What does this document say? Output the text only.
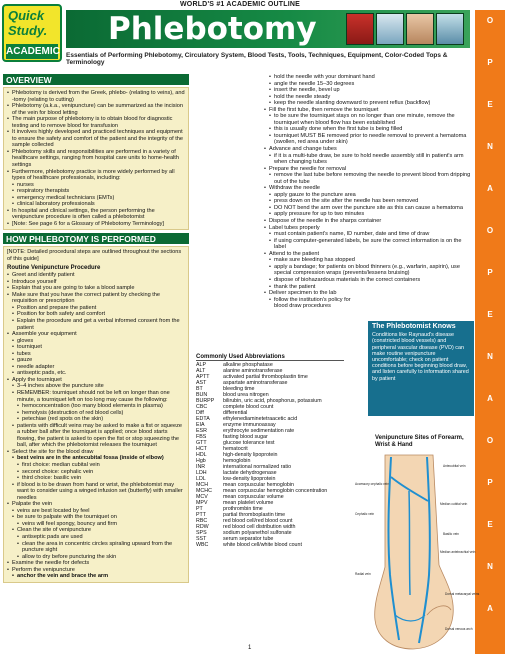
Quick
Study.
ACADEMIC
WORLD'S #1 ACADEMIC OUTLINE
Phlebotomy
Essentials of Performing Phlebotomy, Circulatory System, Blood Tests, Tools, Techniques, Equipment, Color-Coded Tops & Terminology
O
P
E
N
A
O
P
E
N
A
O
P
E
N
A
OVERVIEW
• Phlebotomy is derived from the Greek, phlebo- (relating to veins), and -tomy (relating to cutting)
• Phlebotomy (a.k.a., venipuncture) can be summarized as the incision of the vein for blood letting
• The main purpose of phlebotomy is to obtain blood for diagnostic testing and to remove blood for transfusion
• It involves highly developed and practiced techniques and equipment to ensure the safety and comfort of the patient and the integrity of the sample collected
• Phlebotomy skills and responsibilities are performed in a variety of healthcare settings, ranging from hospital care units to home-health settings
• Furthermore, phlebotomy practice is more widely performed by all types of healthcare professionals, including:
• nurses
• respiratory therapists
• emergency medical technicians (EMTs)
• clinical laboratory professionals
• In hospital and clinical settings, the person performing the venipuncture procedure is often called a phlebotomist
• [Note: See page 6 for a Glossary of Phlebotomy Terminology]
HOW PHLEBOTOMY IS PERFORMED
[NOTE: Detailed procedural steps are outlined throughout the sections of this guide]
Routine Venipuncture Procedure
• Greet and identify patient
• Introduce yourself
• Explain that you are going to take a blood sample
• Make sure that you have the correct patient by checking the requisition or prescription
• Position and prepare the patient
• Position for both safety and comfort
• Explain the procedure and get a verbal informed consent from the patient
• Assemble your equipment
• gloves
• tourniquet
• tubes
• gauze
• needle adapter
• antiseptic pads, etc.
• Apply the tourniquet
• 3–4 inches above the puncture site
• REMEMBER: tourniquet should not be left on longer than one minute, a tourniquet left on too long may cause the following:
• hemoconcentration (too many blood elements in plasma)
• hemolysis (destruction of red blood cells)
• petechiae (red spots on the skin)
• patients with difficult veins may be asked to make a fist or squeeze a rubber ball after the tourniquet is applied; once blood starts flowing, the patient is asked to open the fist or stop squeezing the ball, after which the phlebotomist releases the tourniquet
• Select the site for the blood draw
• best veins are in the antecubital fossa (inside of elbow)
• first choice: median cubital vein
• second choice: cephalic vein
• third choice: basilic vein
• if blood is to be drawn from hand or wrist, the phlebotomist may want to consider using a winged infusion set (butterfly) with smaller needles
• Palpate the vein
• veins are best located by feel
• be sure to palpate with the tourniquet on
• veins will feel spongy, bouncy and firm
• Clean the site of venipuncture
• antiseptic pads are used
• clean the area in concentric circles spiraling upward from the puncture sight
• allow to dry before puncturing the skin
• Examine the needle for defects
• Perform the venipuncture
• anchor the vein and brace the arm
• hold the needle with your dominant hand
• angle the needle 15–30 degrees
• insert the needle, bevel up
• hold the needle steady
• keep the needle slanting downward to prevent reflux (backflow)
• Fill the first tube, then remove the tourniquet
• to be sure the tourniquet stays on no longer than one minute, remove the tourniquet when blood flow has been established
• this is usually done when the first tube is being filled
• tourniquet MUST BE removed prior to needle removal to prevent a hematoma (swollen, red area under skin)
• Advance and change tubes
• if it is a multi-tube draw, be sure to hold needle assembly still in patient's arm when changing tubes
• Prepare the needle for removal
• remove the last tube before removing the needle to prevent blood from dripping out of the tube
• Withdraw the needle
• apply gauze to the puncture area
• press down on the site after the needle has been removed
• DO NOT bend the arm over the puncture site as this can cause a hematoma
• apply pressure for up to two minutes
• Dispose of the needle in the sharps container
• Label tubes properly
• must contain patient's name, ID number, date and time of draw
• if using computer-generated labels, be sure the correct information is on the label
• Attend to the patient
• make sure bleeding has stopped
• apply a bandage; for patients on blood thinners (e.g., warfarin, aspirin), use special compression wraps (prevents/lessens bruising)
• dispose of biohazardous materials in the correct containers
• thank the patient
• Deliver specimen to the lab
• follow the institution's policy for blood draw procedures
Commonly Used Abbreviations
ALP	alkaline phosphatase
ALT	alanine aminotransferase
APTT	activated partial thromboplastin time
AST	aspartate aminotransferase
BT	bleeding time
BUN	blood urea nitrogen
BURPP	bilirubin, uric acid, phosphorus, potassium
CBC	complete blood count
Diff	differential
EDTA	ethylenediaminetetraacetic acid
EIA	enzyme immunoassay
ESR	erythrocyte sedimentation rate
FBS	fasting blood sugar
GTT	glucose tolerance test
HCT	hematocrit
HDL	high-density lipoprotein
Hgb	hemoglobin
INR	international normalized ratio
LDH	lactate dehydrogenase
LDL	low-density lipoprotein
MCH	mean corpuscular hemoglobin
MCHC	mean corpuscular hemoglobin concentration
MCV	mean corpuscular volume
MPV	mean platelet volume
PT	prothrombin time
PTT	partial thromboplastin time
RBC	red blood cell/red blood count
RDW	red blood cell distribution width
SPS	sodium polyanethol sulfonate
SST	serum separator tube
WBC	white blood cell/white blood count
The Phlebotomist Knows
Conditions like Raynaud's disease (constricted blood vessels) and peripheral vascular disease (PVD) can make routine venipuncture uncomfortable; check on patient conditions before beginning blood draw, and listen carefully to information shared by patient
Venipuncture Sites of Forearm, Wrist & Hand
Antecubital vein
Median cubital vein
Basilic vein
Median antebrachial vein
Cephalic vein
Accessory cephalic vein
Radial vein
Dorsal metacarpal veins
Dorsal venous arch
1
